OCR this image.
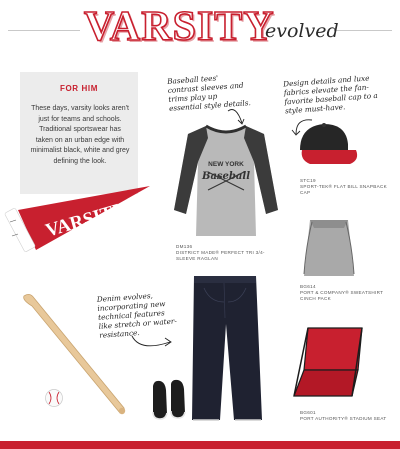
VARSITY
evolved
FOR HIM
These days, varsity looks aren't just for teams and schools. Traditional sportswear has taken on an urban edge with minimalist black, white and grey defining the look.
VARSITY
NEW YORK
Baseball
Baseball tees' contrast sleeves and trims play up essential style details.
Design details and luxe fabrics elevate the fan-favorite baseball cap to a style must-have.
Denim evolves, incorporating new technical features like stretch or water-resistance.
DM136
DISTRICT MADE® PERFECT TRI 3/4-SLEEVE RAGLAN
STC19
SPORT-TEK® FLAT BILL SNAPBACK CAP
BG614
PORT & COMPANY® SWEATSHIRT CINCH PACK
BG601
PORT AUTHORITY® STADIUM SEAT
